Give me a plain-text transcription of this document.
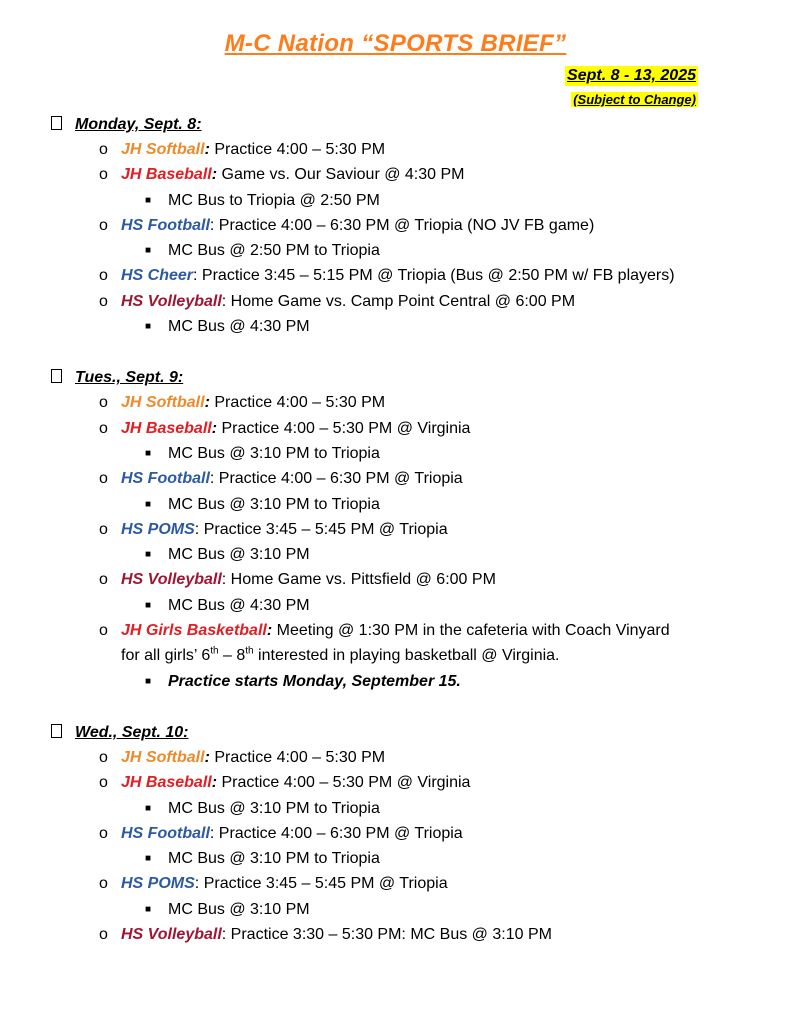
M-C Nation “SPORTS BRIEF”
Sept. 8 - 13, 2025
(Subject to Change)
Monday, Sept. 8:
o JH Softball: Practice 4:00 – 5:30 PM
o JH Baseball: Game vs. Our Saviour @ 4:30 PM
■ MC Bus to Triopia @ 2:50 PM
o HS Football: Practice 4:00 – 6:30 PM @ Triopia (NO JV FB game)
■ MC Bus @ 2:50 PM to Triopia
o HS Cheer: Practice 3:45 – 5:15 PM @ Triopia (Bus @ 2:50 PM w/ FB players)
o HS Volleyball: Home Game vs. Camp Point Central @ 6:00 PM
■ MC Bus @ 4:30 PM
Tues., Sept. 9:
o JH Softball: Practice 4:00 – 5:30 PM
o JH Baseball: Practice 4:00 – 5:30 PM @ Virginia
■ MC Bus @ 3:10 PM to Triopia
o HS Football: Practice 4:00 – 6:30 PM @ Triopia
■ MC Bus @ 3:10 PM to Triopia
o HS POMS: Practice 3:45 – 5:45 PM @ Triopia
■ MC Bus @ 3:10 PM
o HS Volleyball: Home Game vs. Pittsfield @ 6:00 PM
■ MC Bus @ 4:30 PM
o JH Girls Basketball: Meeting @ 1:30 PM in the cafeteria with Coach Vinyard
for all girls’ 6th – 8th interested in playing basketball @ Virginia.
■ Practice starts Monday, September 15.
Wed., Sept. 10:
o JH Softball: Practice 4:00 – 5:30 PM
o JH Baseball: Practice 4:00 – 5:30 PM @ Virginia
■ MC Bus @ 3:10 PM to Triopia
o HS Football: Practice 4:00 – 6:30 PM @ Triopia
■ MC Bus @ 3:10 PM to Triopia
o HS POMS: Practice 3:45 – 5:45 PM @ Triopia
■ MC Bus @ 3:10 PM
o HS Volleyball: Practice 3:30 – 5:30 PM: MC Bus @ 3:10 PM
